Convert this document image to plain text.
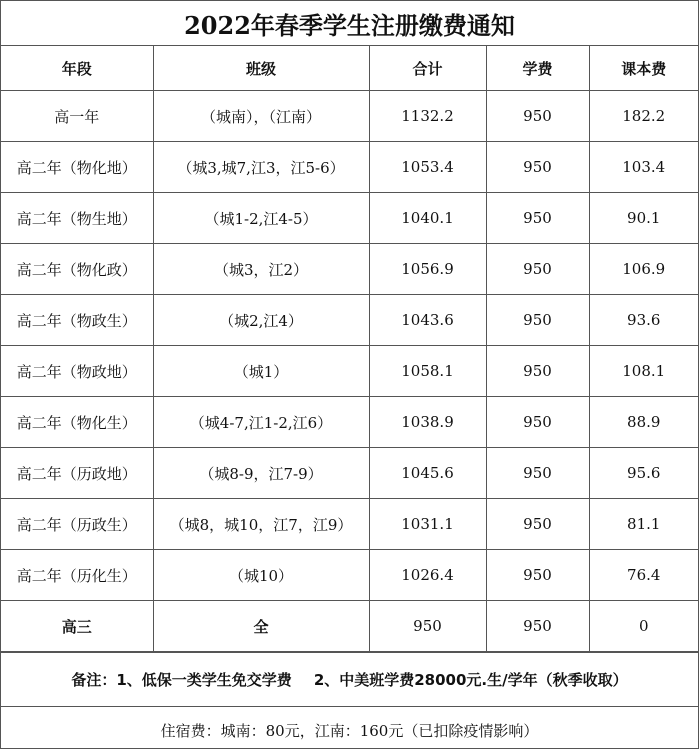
2022年春季学生注册缴费通知
年段	班级	合计	学费	课本费
高一年	（城南），（江南）	1132.2	950	182.2
高二年（物化地）	（城3,城7,江3，江5-6）	1053.4	950	103.4
高二年（物生地）	（城1-2,江4-5）	1040.1	950	90.1
高二年（物化政）	（城3，江2）	1056.9	950	106.9
高二年（物政生）	（城2,江4）	1043.6	950	93.6
高二年（物政地）	（城1）	1058.1	950	108.1
高二年（物化生）	（城4-7,江1-2,江6）	1038.9	950	88.9
高二年（历政地）	（城8-9，江7-9）	1045.6	950	95.6
高二年（历政生）	（城8，城10，江7，江9）	1031.1	950	81.1
高二年（历化生）	（城10）	1026.4	950	76.4
高三	全	950	950	0
备注：1、低保一类学生免交学费 2、中美班学费28000元.生/学年（秋季收取）
住宿费：城南：80元，江南：160元（已扣除疫情影响）
